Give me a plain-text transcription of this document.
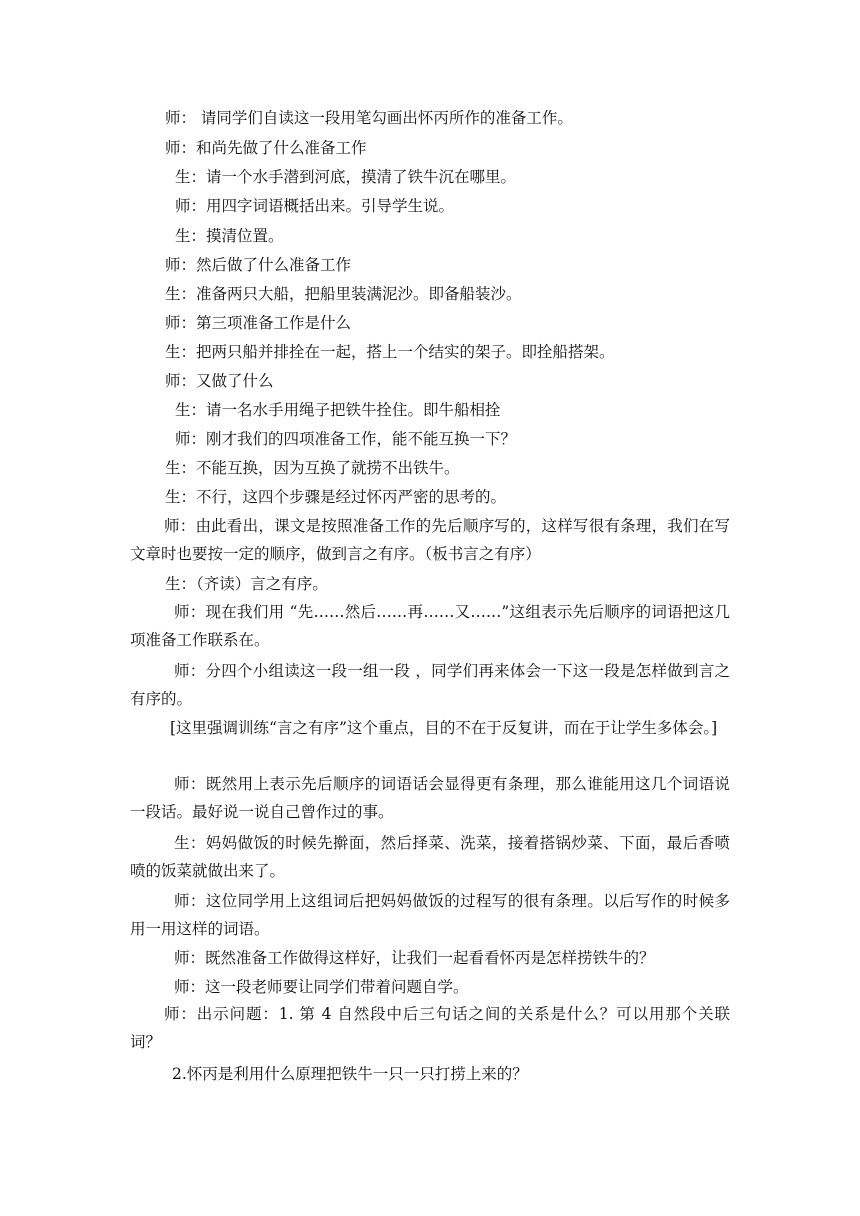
师： 请同学们自读这一段用笔勾画出怀丙所作的准备工作。
师：和尚先做了什么准备工作
生：请一个水手潜到河底，摸清了铁牛沉在哪里。
师：用四字词语概括出来。引导学生说。
生：摸清位置。
师：然后做了什么准备工作
生：准备两只大船，把船里装满泥沙。即备船装沙。
师：第三项准备工作是什么
生：把两只船并排拴在一起，搭上一个结实的架子。即拴船搭架。
师：又做了什么
生：请一名水手用绳子把铁牛拴住。即牛船相拴
师：刚才我们的四项准备工作，能不能互换一下？
生：不能互换，因为互换了就捞不出铁牛。
生：不行，这四个步骤是经过怀丙严密的思考的。
师：由此看出，课文是按照准备工作的先后顺序写的，这样写很有条理，我们在写文章时也要按一定的顺序，做到言之有序。（板书言之有序）
生：（齐读）言之有序。
师：现在我们用 “先……然后……再……又……”这组表示先后顺序的词语把这几项准备工作联系在。
师：分四个小组读这一段一组一段 ，同学们再来体会一下这一段是怎样做到言之有序的。
[这里强调训练“言之有序”这个重点，目的不在于反复讲，而在于让学生多体会。]
师：既然用上表示先后顺序的词语话会显得更有条理，那么谁能用这几个词语说一段话。最好说一说自己曾作过的事。
生：妈妈做饭的时候先擀面，然后择菜、洗菜，接着搭锅炒菜、下面，最后香喷喷的饭菜就做出来了。
师：这位同学用上这组词后把妈妈做饭的过程写的很有条理。以后写作的时候多用一用这样的词语。
师：既然准备工作做得这样好，让我们一起看看怀丙是怎样捞铁牛的？
师：这一段老师要让同学们带着问题自学。
师：出示问题：1. 第 4 自然段中后三句话之间的关系是什么？可以用那个关联词？
2.怀丙是利用什么原理把铁牛一只一只打捞上来的？
